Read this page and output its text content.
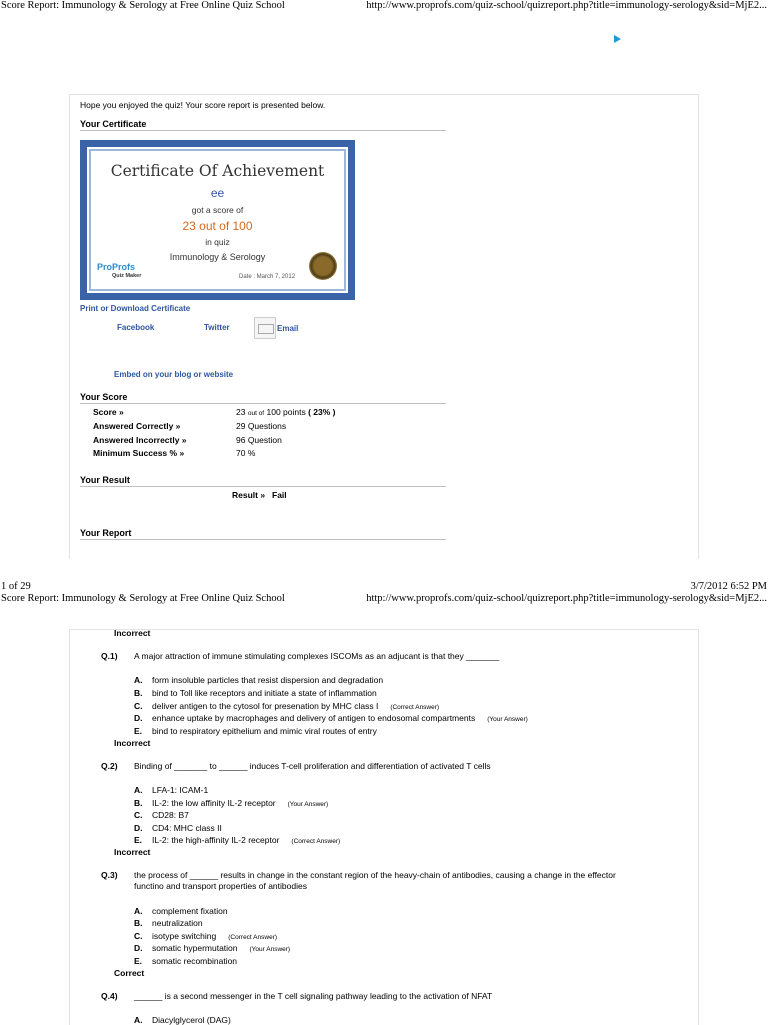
Score Report: Immunology & Serology at Free Online Quiz School	http://www.proprofs.com/quiz-school/quizreport.php?title=immunology-serology&sid=MjE2...
Hope you enjoyed the quiz! Your score report is presented below.
Your Certificate
Certificate Of Achievement
ee
got a score of
23 out of 100
in quiz
Immunology & Serology
ProProfs
Quiz Maker	Date : March 7, 2012
Print or Download Certificate
Facebook	Twitter	Email
Embed on your blog or website
Your Score
Score »	23 out of 100 points ( 23% )
Answered Correctly »	29 Questions
Answered Incorrectly »	96 Question
Minimum Success % »	70 %
Your Result
Result » Fail
Your Report
1 of 29	3/7/2012 6:52 PM
Score Report: Immunology & Serology at Free Online Quiz School	http://www.proprofs.com/quiz-school/quizreport.php?title=immunology-serology&sid=MjE2...
Incorrect
Q.1) A major attraction of immune stimulating complexes ISCOMs as an adjucant is that they _______
A. form insoluble particles that resist dispersion and degradation
B. bind to Toll like receptors and initiate a state of inflammation
C. deliver antigen to the cytosol for presenation by MHC class I (Correct Answer)
D. enhance uptake by macrophages and delivery of antigen to endosomal compartments (Your Answer)
E. bind to respiratory epithelium and mimic viral routes of entry
Incorrect
Q.2) Binding of _______ to ______ induces T-cell proliferation and differentiation of activated T cells
A. LFA-1: ICAM-1
B. IL-2: the low affinity IL-2 receptor (Your Answer)
C. CD28: B7
D. CD4: MHC class II
E. IL-2: the high-affinity IL-2 receptor (Correct Answer)
Incorrect
Q.3) the process of ______ results in change in the constant region of the heavy-chain of antibodies, causing a change in the effector
functino and transport properties of antibodies
A. complement fixation
B. neutralization
C. isotype switching (Correct Answer)
D. somatic hypermutation (Your Answer)
E. somatic recombination
Correct
Q.4) ______ is a second messenger in the T cell signaling pathway leading to the activation of NFAT
A. Diacylglycerol (DAG)
